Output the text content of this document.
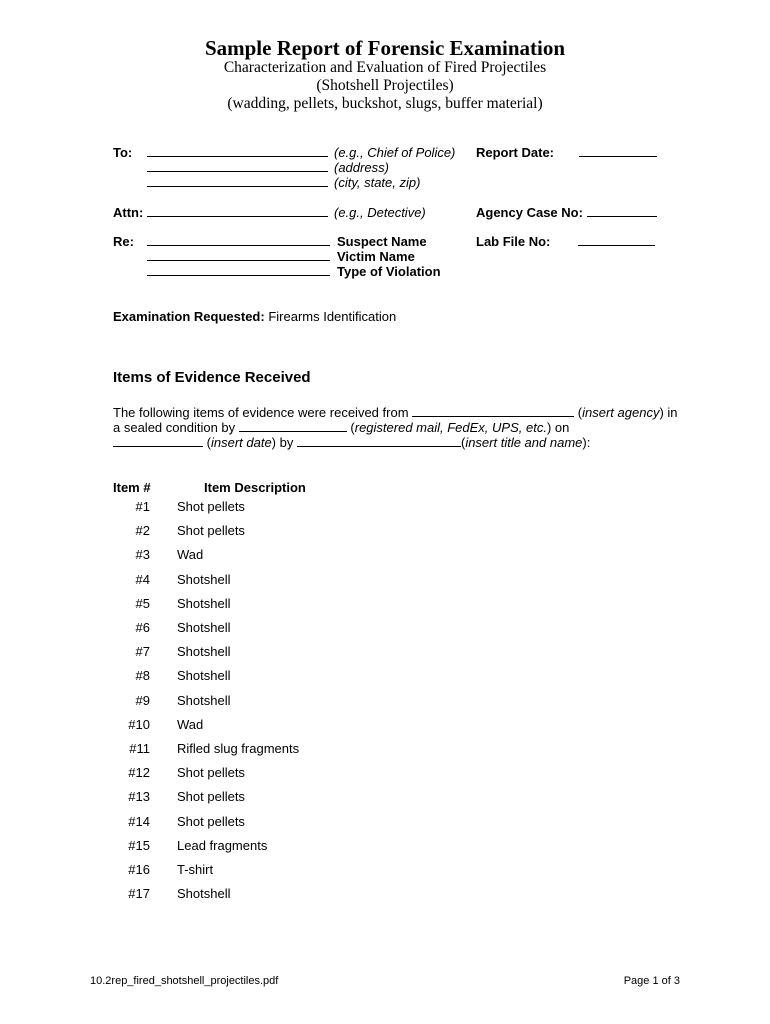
Sample Report of Forensic Examination
Characterization and Evaluation of Fired Projectiles
(Shotshell Projectiles)
(wadding, pellets, buckshot, slugs, buffer material)
To:	(e.g., Chief of Police)
(address)
(city, state, zip)
Report Date:
Attn:	(e.g., Detective)	Agency Case No:
Re:	Suspect Name
Victim Name
Type of Violation
Lab File No:
Examination Requested: Firearms Identification
Items of Evidence Received
The following items of evidence were received from	(insert agency) in
a sealed condition by	(registered mail, FedEx, UPS, etc.) on
(insert date) by	(insert title and name):
Item #	Item Description
#1 Shot pellets
#2 Shot pellets
#3 Wad
#4 Shotshell
#5 Shotshell
#6 Shotshell
#7 Shotshell
#8 Shotshell
#9 Shotshell
#10 Wad
#11 Rifled slug fragments
#12 Shot pellets
#13 Shot pellets
#14 Shot pellets
#15 Lead fragments
#16 T-shirt
#17 Shotshell
10.2rep_fired_shotshell_projectiles.pdf	Page 1 of 3
